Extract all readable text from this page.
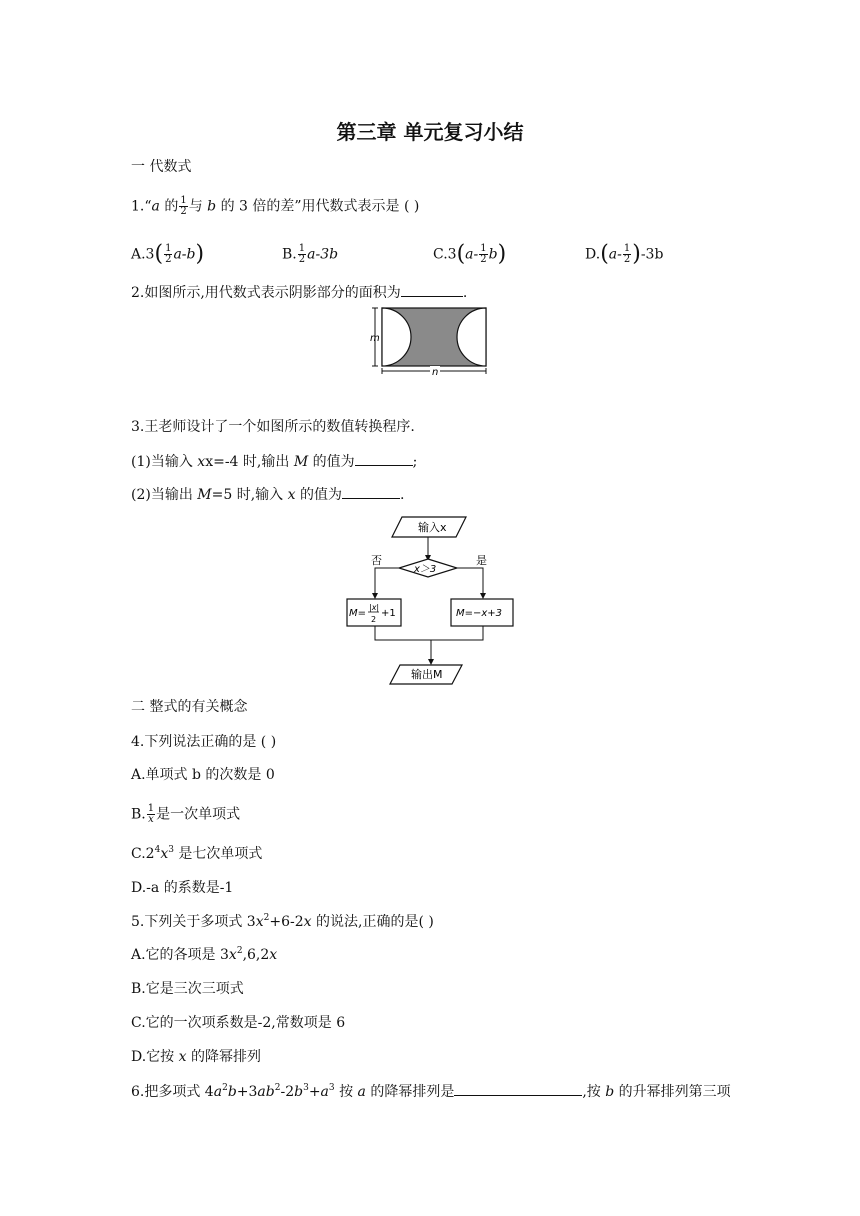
第三章 单元复习小结
一 代数式
1.“a 的 $\frac{1}{2}$ 与 b 的 3 倍的差”用代数式表示是 ( )
$A.3( \frac{1}{2} a-b)$	B. $\frac{1}{2} a-3b$	$C.3(a- \frac{1}{2} b)$	$D.(a- \frac{1}{2} )-3b$
2.如图所示,用代数式表示阴影部分的面积为	.
m
n
3.王老师设计了一个如图所示的数值转换程序.
(1)当输入 xx=-4 时,输出 M 的值为	;
(2)当输出 M=5 时,输入 x 的值为	.
输入x
x＞3
否	是
M=
|x|
2
+1	M=−x+3
输出M
二 整式的有关概念
4.下列说法正确的是 ( )
A.单项式 b 的次数是 0
B. $\frac{1}{x}$ 是一次单项式
$C.2^4x^3$ 是七次单项式
D.-a 的系数是-1
5.下列关于多项式 $3x^2+6-2x$ 的说法,正确的是( )
A.它的各项是 $3x^2,6,2x$
B.它是三次三项式
C.它的一次项系数是-2,常数项是 6
D.它按 x 的降幂排列
6.把多项式 $4a^2b+3ab^2-2b^3+a^3$ 按 a 的降幂排列是	,按 b 的升幂排列第三项
